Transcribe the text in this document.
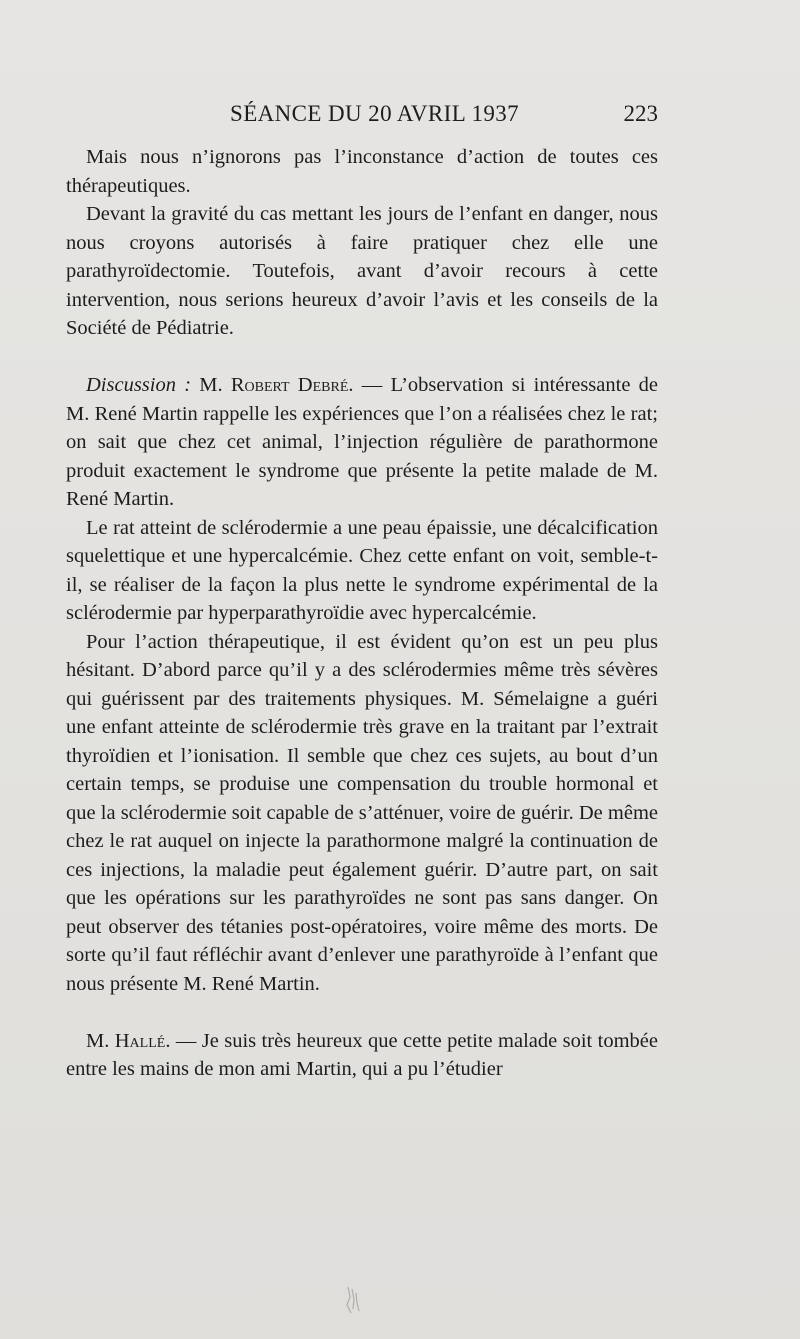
SÉANCE DU 20 AVRIL 1937	223

Mais nous n’ignorons pas l’inconstance d’action de toutes ces thérapeutiques.

Devant la gravité du cas mettant les jours de l’enfant en danger, nous nous croyons autorisés à faire pratiquer chez elle une parathyroïdectomie. Toutefois, avant d’avoir recours à cette intervention, nous serions heureux d’avoir l’avis et les conseils de la Société de Pédiatrie.

Discussion : M. Robert Debré. — L’observation si intéressante de M. René Martin rappelle les expériences que l’on a réalisées chez le rat; on sait que chez cet animal, l’injection régulière de parathormone produit exactement le syndrome que présente la petite malade de M. René Martin.

Le rat atteint de sclérodermie a une peau épaissie, une décalcification squelettique et une hypercalcémie. Chez cette enfant on voit, semble-t-il, se réaliser de la façon la plus nette le syndrome expérimental de la sclérodermie par hyperparathyroïdie avec hypercalcémie.

Pour l’action thérapeutique, il est évident qu’on est un peu plus hésitant. D’abord parce qu’il y a des sclérodermies même très sévères qui guérissent par des traitements physiques. M. Sémelaigne a guéri une enfant atteinte de sclérodermie très grave en la traitant par l’extrait thyroïdien et l’ionisation. Il semble que chez ces sujets, au bout d’un certain temps, se produise une compensation du trouble hormonal et que la sclérodermie soit capable de s’atténuer, voire de guérir. De même chez le rat auquel on injecte la parathormone malgré la continuation de ces injections, la maladie peut également guérir. D’autre part, on sait que les opérations sur les parathyroïdes ne sont pas sans danger. On peut observer des tétanies post-opératoires, voire même des morts. De sorte qu’il faut réfléchir avant d’enlever une parathyroïde à l’enfant que nous présente M. René Martin.

M. Hallé. — Je suis très heureux que cette petite malade soit tombée entre les mains de mon ami Martin, qui a pu l’étudier
